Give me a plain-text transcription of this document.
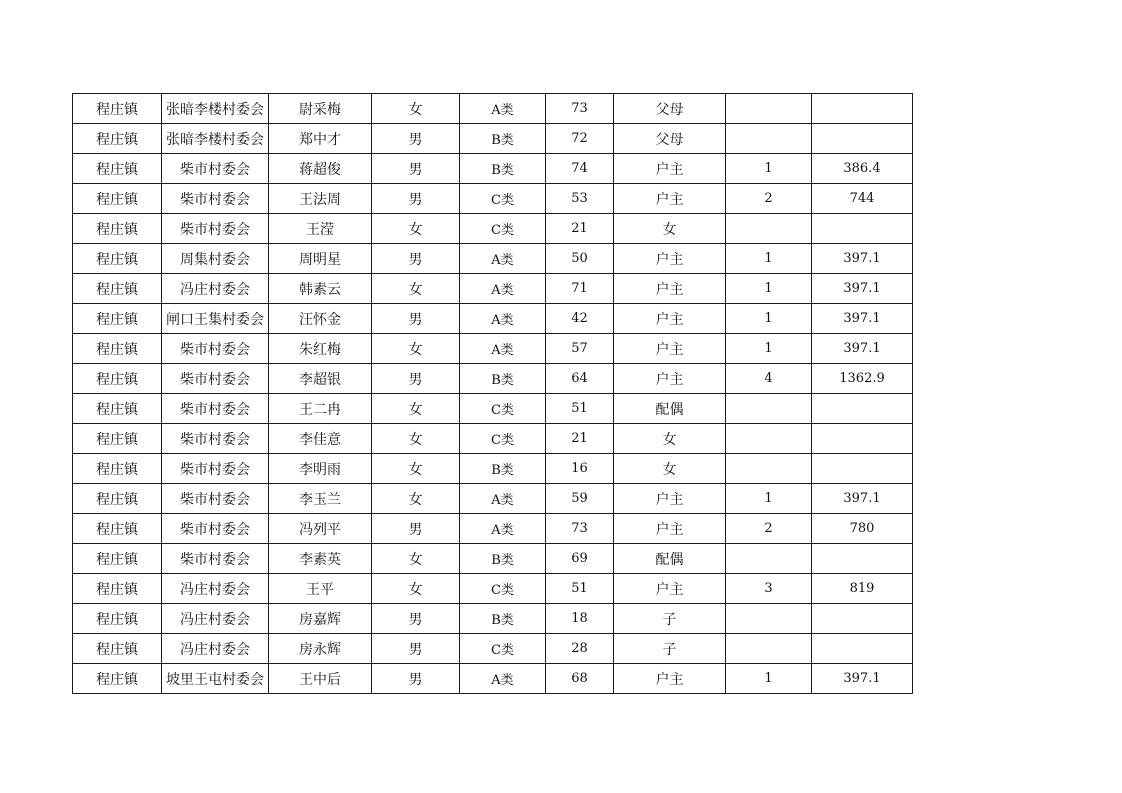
程庄镇	张暗李楼村委会	尉采梅	女	A类	73	父母		
程庄镇	张暗李楼村委会	郑中才	男	B类	72	父母		
程庄镇	柴市村委会	蒋超俊	男	B类	74	户主	1	386.4
程庄镇	柴市村委会	王法周	男	C类	53	户主	2	744
程庄镇	柴市村委会	王滢	女	C类	21	女		
程庄镇	周集村委会	周明星	男	A类	50	户主	1	397.1
程庄镇	冯庄村委会	韩素云	女	A类	71	户主	1	397.1
程庄镇	闸口王集村委会	汪怀金	男	A类	42	户主	1	397.1
程庄镇	柴市村委会	朱红梅	女	A类	57	户主	1	397.1
程庄镇	柴市村委会	李超银	男	B类	64	户主	4	1362.9
程庄镇	柴市村委会	王二冉	女	C类	51	配偶		
程庄镇	柴市村委会	李佳意	女	C类	21	女		
程庄镇	柴市村委会	李明雨	女	B类	16	女		
程庄镇	柴市村委会	李玉兰	女	A类	59	户主	1	397.1
程庄镇	柴市村委会	冯列平	男	A类	73	户主	2	780
程庄镇	柴市村委会	李素英	女	B类	69	配偶		
程庄镇	冯庄村委会	王平	女	C类	51	户主	3	819
程庄镇	冯庄村委会	房嘉辉	男	B类	18	子		
程庄镇	冯庄村委会	房永辉	男	C类	28	子		
程庄镇	坡里王屯村委会	王中后	男	A类	68	户主	1	397.1
